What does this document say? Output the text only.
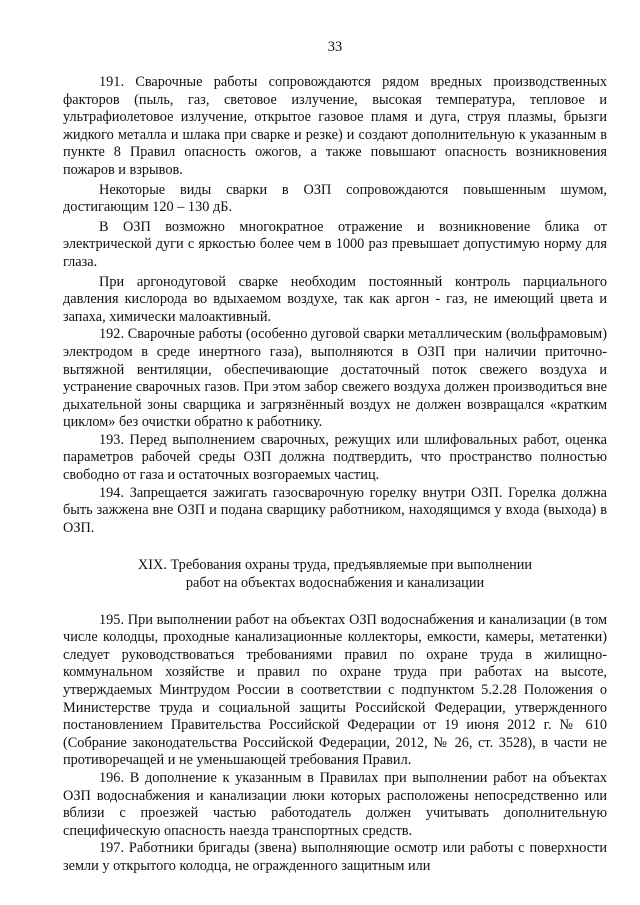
33

191. Сварочные работы сопровождаются рядом вредных производственных факторов (пыль, газ, световое излучение, высокая температура, тепловое и ультрафиолетовое излучение, открытое газовое пламя и дуга, струя плазмы, брызги жидкого металла и шлака при сварке и резке) и создают дополнительную к указанным в пункте 8 Правил опасность ожогов, а также повышают опасность возникновения пожаров и взрывов.

Некоторые виды сварки в ОЗП сопровождаются повышенным шумом, достигающим 120 – 130 дБ.

В ОЗП возможно многократное отражение и возникновение блика от электрической дуги с яркостью более чем в 1000 раз превышает допустимую норму для глаза.

При аргонодуговой сварке необходим постоянный контроль парциального давления кислорода во вдыхаемом воздухе, так как аргон - газ, не имеющий цвета и запаха, химически малоактивный.

192. Сварочные работы (особенно дуговой сварки металлическим (вольфрамовым) электродом в среде инертного газа), выполняются в ОЗП при наличии приточно-вытяжной вентиляции, обеспечивающие достаточный поток свежего воздуха и устранение сварочных газов. При этом забор свежего воздуха должен производиться вне дыхательной зоны сварщика и загрязнённый воздух не должен возвращался «кратким циклом» без очистки обратно к работнику.

193. Перед выполнением сварочных, режущих или шлифовальных работ, оценка параметров рабочей среды ОЗП должна подтвердить, что пространство полностью свободно от газа и остаточных возгораемых частиц.

194. Запрещается зажигать газосварочную горелку внутри ОЗП. Горелка должна быть зажжена вне ОЗП и подана сварщику работником, находящимся у входа (выхода) в ОЗП.

XIX. Требования охраны труда, предъявляемые при выполнении
работ на объектах водоснабжения и канализации

195. При выполнении работ на объектах ОЗП водоснабжения и канализации (в том числе колодцы, проходные канализационные коллекторы, емкости, камеры, метатенки) следует руководствоваться требованиями правил по охране труда в жилищно-коммунальном хозяйстве и правил по охране труда при работах на высоте, утверждаемых Минтрудом России в соответствии с подпунктом 5.2.28 Положения о Министерстве труда и социальной защиты Российской Федерации, утвержденного постановлением Правительства Российской Федерации от 19 июня 2012 г. № 610 (Собрание законодательства Российской Федерации, 2012, № 26, ст. 3528), в части не противоречащей и не уменьшающей требования Правил.

196. В дополнение к указанным в Правилах при выполнении работ на объектах ОЗП водоснабжения и канализации люки которых расположены непосредственно или вблизи с проезжей частью работодатель должен учитывать дополнительную специфическую опасность наезда транспортных средств.

197. Работники бригады (звена) выполняющие осмотр или работы с поверхности земли у открытого колодца, не огражденного защитным или
